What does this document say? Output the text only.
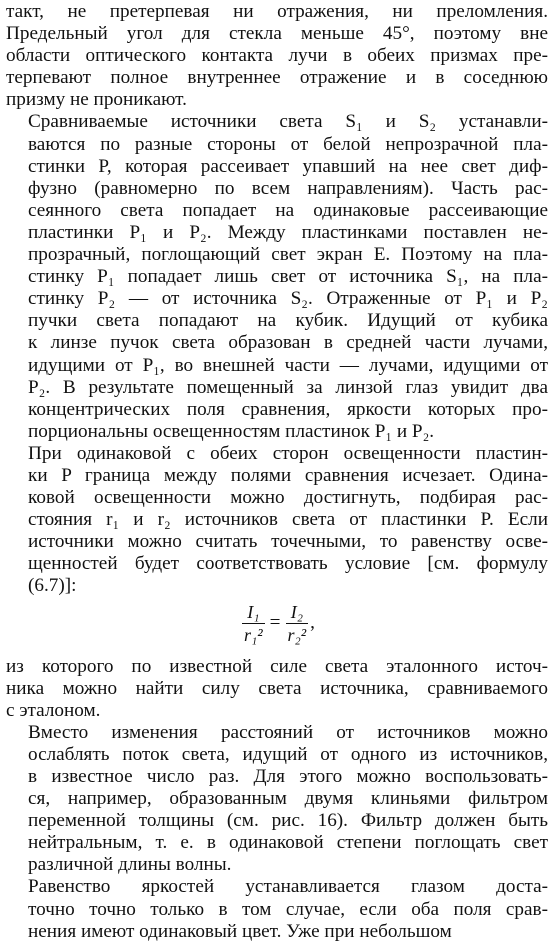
такт, не претерпевая ни отражения, ни преломления.
Предельный угол для стекла меньше 45°, поэтому вне
области оптического контакта лучи в обеих призмах пре-
терпевают полное внутреннее отражение и в соседнюю
призму не проникают.
Сравниваемые источники света S₁ и S₂ устанавли-
ваются по разные стороны от белой непрозрачной пла-
стинки P, которая рассеивает упавший на нее свет диф-
фузно (равномерно по всем направлениям). Часть рас-
сеянного света попадает на одинаковые рассеивающие
пластинки P₁ и P₂. Между пластинками поставлен не-
прозрачный, поглощающий свет экран E. Поэтому на пла-
стинку P₁ попадает лишь свет от источника S₁, на пла-
стинку P₂ — от источника S₂. Отраженные от P₁ и P₂
пучки света попадают на кубик. Идущий от кубика
к линзе пучок света образован в средней части лучами,
идущими от P₁, во внешней части — лучами, идущими от
P₂. В результате помещенный за линзой глаз увидит два
концентрических поля сравнения, яркости которых про-
порциональны освещенностям пластинок P₁ и P₂.
При одинаковой с обеих сторон освещенности пластин-
ки P граница между полями сравнения исчезает. Одина-
ковой освещенности можно достигнуть, подбирая рас-
стояния r₁ и r₂ источников света от пластинки P. Если
источники можно считать точечными, то равенству осве-
щенностей будет соответствовать условие [см. формулу
(6.7)]:
$\frac{\text{I₁}}{\text{r₁²}} = \frac{\text{I₂}}{\text{r₂²}}$ ,
из которого по известной силе света эталонного источ-
ника можно найти силу света источника, сравниваемого
с эталоном.
Вместо изменения расстояний от источников можно
ослаблять поток света, идущий от одного из источников,
в известное число раз. Для этого можно воспользовать-
ся, например, образованным двумя клиньями фильтром
переменной толщины (см. рис. 16). Фильтр должен быть
нейтральным, т. е. в одинаковой степени поглощать свет
различной длины волны.
Равенство яркостей устанавливается глазом доста-
точно точно только в том случае, если оба поля срав-
нения имеют одинаковый цвет. Уже при небольшом
